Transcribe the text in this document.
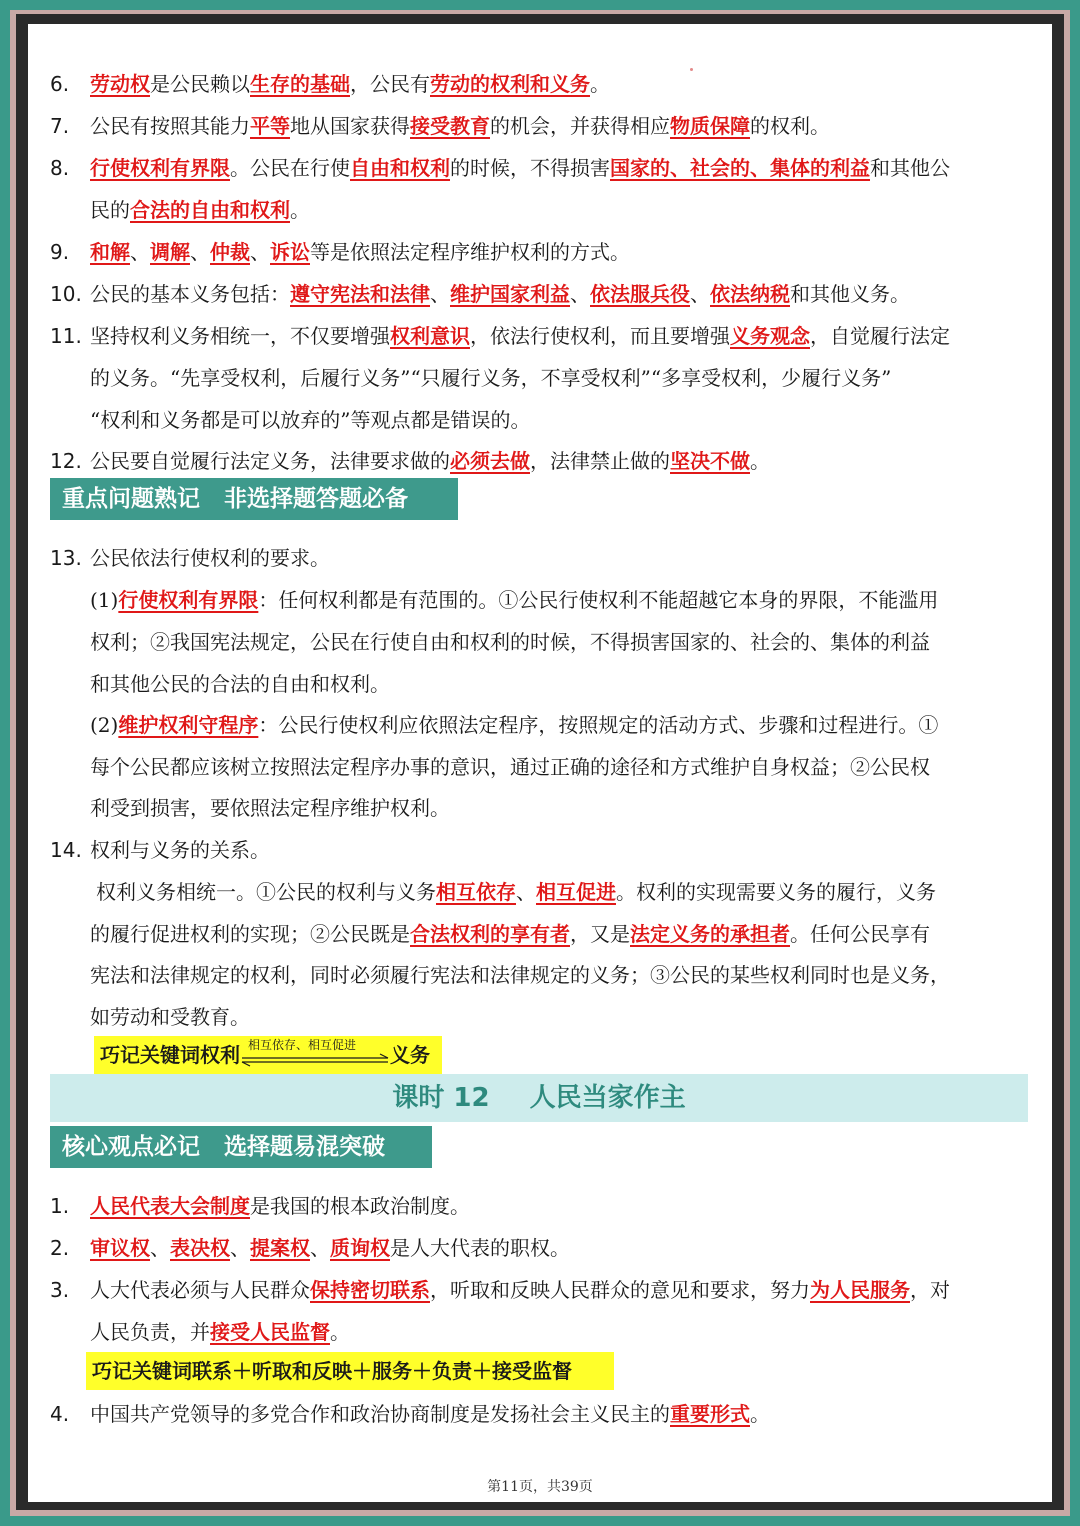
6. 劳动权是公民赖以生存的基础，公民有劳动的权利和义务。
7. 公民有按照其能力平等地从国家获得接受教育的机会，并获得相应物质保障的权利。
8. 行使权利有界限。公民在行使自由和权利的时候，不得损害国家的、社会的、集体的利益和其他公
民的合法的自由和权利。
9. 和解、调解、仲裁、诉讼等是依照法定程序维护权利的方式。
10. 公民的基本义务包括：遵守宪法和法律、维护国家利益、依法服兵役、依法纳税和其他义务。
11. 坚持权利义务相统一，不仅要增强权利意识，依法行使权利，而且要增强义务观念，自觉履行法定
的义务。“先享受权利，后履行义务”“只履行义务，不享受权利”“多享受权利，少履行义务”
“权利和义务都是可以放弃的”等观点都是错误的。
12. 公民要自觉履行法定义务，法律要求做的必须去做，法律禁止做的坚决不做。
重点问题熟记 非选择题答题必备
13. 公民依法行使权利的要求。
(1)行使权利有界限：任何权利都是有范围的。①公民行使权利不能超越它本身的界限，不能滥用
权利；②我国宪法规定，公民在行使自由和权利的时候，不得损害国家的、社会的、集体的利益
和其他公民的合法的自由和权利。
(2)维护权利守程序：公民行使权利应依照法定程序，按照规定的活动方式、步骤和过程进行。①
每个公民都应该树立按照法定程序办事的意识，通过正确的途径和方式维护自身权益；②公民权
利受到损害，要依照法定程序维护权利。
14. 权利与义务的关系。
权利义务相统一。①公民的权利与义务相互依存、相互促进。权利的实现需要义务的履行，义务
的履行促进权利的实现；②公民既是合法权利的享有者，又是法定义务的承担者。任何公民享有
宪法和法律规定的权利，同时必须履行宪法和法律规定的义务；③公民的某些权利同时也是义务，
如劳动和受教育。
巧记关键词权利 相互依存、相互促进 义务
课时 12 人民当家作主
核心观点必记 选择题易混突破
1. 人民代表大会制度是我国的根本政治制度。
2. 审议权、表决权、提案权、质询权是人大代表的职权。
3. 人大代表必须与人民群众保持密切联系，听取和反映人民群众的意见和要求，努力为人民服务，对
人民负责，并接受人民监督。
巧记关键词联系＋听取和反映＋服务＋负责＋接受监督
4. 中国共产党领导的多党合作和政治协商制度是发扬社会主义民主的重要形式。
第11页，共39页
